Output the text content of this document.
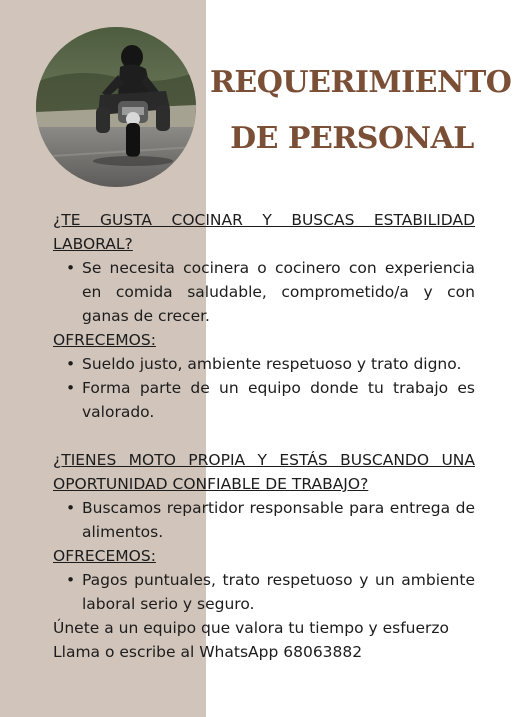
REQUERIMIENTO
DE PERSONAL

¿TE GUSTA COCINAR Y BUSCAS ESTABILIDAD LABORAL?

• Se necesita cocinera o cocinero con experiencia en comida saludable, comprometido/a y con ganas de crecer.

OFRECEMOS:

• Sueldo justo, ambiente respetuoso y trato digno.
• Forma parte de un equipo donde tu trabajo es valorado.

¿TIENES MOTO PROPIA Y ESTÁS BUSCANDO UNA OPORTUNIDAD CONFIABLE DE TRABAJO?

• Buscamos repartidor responsable para entrega de alimentos.

OFRECEMOS:

• Pagos puntuales, trato respetuoso y un ambiente laboral serio y seguro.

Únete a un equipo que valora tu tiempo y esfuerzo

Llama o escribe al WhatsApp 68063882
